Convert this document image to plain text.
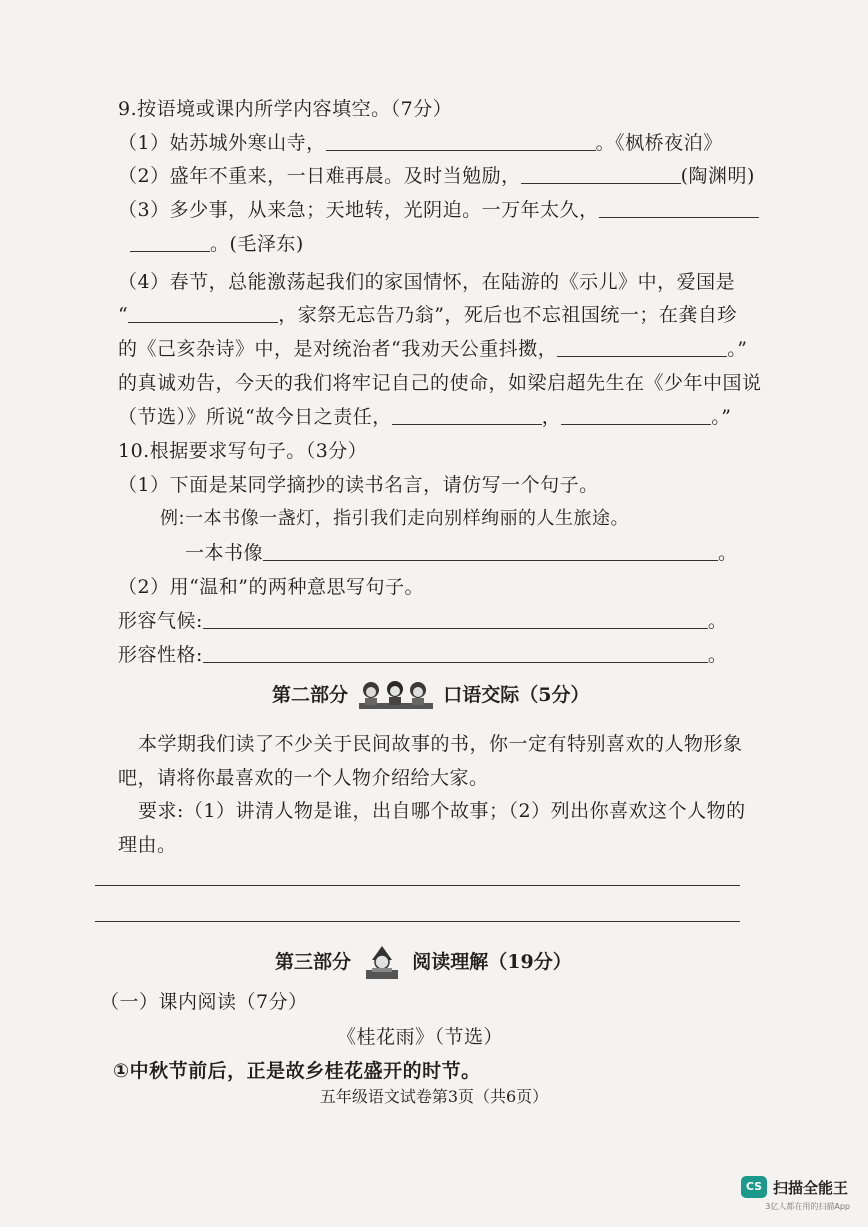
9.按语境或课内所学内容填空。（7分）
（1）姑苏城外寒山寺，	。《枫桥夜泊》
（2）盛年不重来，一日难再晨。及时当勉励，	(陶渊明)
（3）多少事，从来急；天地转，光阴迫。一万年太久，
。(毛泽东)
（4）春节，总能激荡起我们的家国情怀，在陆游的《示儿》中，爱国是
“	，家祭无忘告乃翁”，死后也不忘祖国统一；在龚自珍
的《己亥杂诗》中，是对统治者“我劝天公重抖擞，	。”
的真诚劝告，今天的我们将牢记自己的使命，如梁启超先生在《少年中国说
（节选）》所说“故今日之责任，	，	。”
10.根据要求写句子。（3分）
（1）下面是某同学摘抄的读书名言，请仿写一个句子。
例:一本书像一盏灯，指引我们走向别样绚丽的人生旅途。
一本书像	。
（2）用“温和”的两种意思写句子。
形容气候:	。
形容性格:	。
第二部分	口语交际（5分）
本学期我们读了不少关于民间故事的书，你一定有特别喜欢的人物形象
吧，请将你最喜欢的一个人物介绍给大家。
要求:（1）讲清人物是谁，出自哪个故事；（2）列出你喜欢这个人物的
理由。
第三部分	阅读理解（19分）
（一）课内阅读（7分）
《桂花雨》（节选）
①中秋节前后，正是故乡桂花盛开的时节。
五年级语文试卷第3页（共6页）
CS 扫描全能王
3亿人都在用的扫描App
